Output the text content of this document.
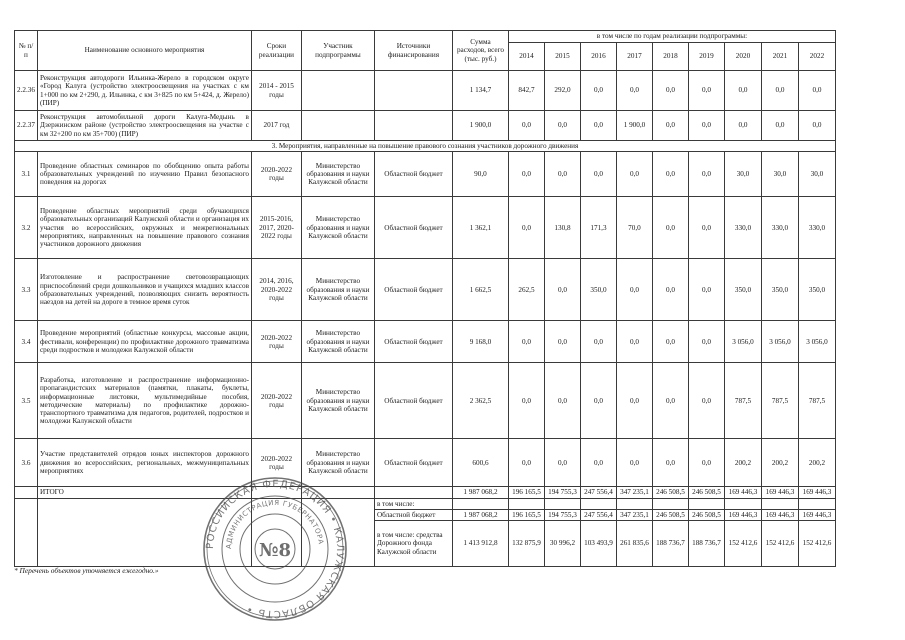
№ п/п	Наименование основного мероприятия	Сроки реализации	Участник подпрограммы	Источники финансирования	Сумма расходов, всего (тыс. руб.)	в том числе по годам реализации подпрограммы:								
						2014	2015	2016	2017	2018	2019	2020	2021	2022
2.2.36	Реконструкция автодороги Ильинка-Жерело в городском округе «Город Калуга (устройство электроосвещения на участках с км 1+000 по км 2+290, д. Ильинка, с км 3+825 по км 5+424, д. Жерело) (ПИР)	2014 - 2015 годы			1 134,7	842,7	292,0	0,0	0,0	0,0	0,0	0,0	0,0	0,0
2.2.37	Реконструкция автомобильной дороги Калуга-Медынь в Дзержинском районе (устройство электроосвещения на участке с км 32+200 по км 35+700) (ПИР)	2017 год			1 900,0	0,0	0,0	0,0	1 900,0	0,0	0,0	0,0	0,0	0,0
3. Мероприятия, направленные на повышение правового сознания участников дорожного движения														
3.1	Проведение областных семинаров по обобщению опыта работы образовательных учреждений по изучению Правил безопасного поведения на дорогах	2020-2022 годы	Министерство образования и науки Калужской области	Областной бюджет	90,0	0,0	0,0	0,0	0,0	0,0	0,0	30,0	30,0	30,0
3.2	Проведение областных мероприятий среди обучающихся образовательных организаций Калужской области и организация их участия во всероссийских, окружных и межрегиональных мероприятиях, направленных на повышение правового сознания участников дорожного движения	2015-2016, 2017, 2020-2022 годы	Министерство образования и науки Калужской области	Областной бюджет	1 362,1	0,0	130,8	171,3	70,0	0,0	0,0	330,0	330,0	330,0
3.3	Изготовление и распространение световозвращающих приспособлений среди дошкольников и учащихся младших классов образовательных учреждений, позволяющих снизить вероятность наездов на детей на дороге в темное время суток	2014, 2016, 2020-2022 годы	Министерство образования и науки Калужской области	Областной бюджет	1 662,5	262,5	0,0	350,0	0,0	0,0	0,0	350,0	350,0	350,0
3.4	Проведение мероприятий (областные конкурсы, массовые акции, фестивали, конференции) по профилактике дорожного травматизма среди подростков и молодежи Калужской области	2020-2022 годы	Министерство образования и науки Калужской области	Областной бюджет	9 168,0	0,0	0,0	0,0	0,0	0,0	0,0	3 056,0	3 056,0	3 056,0
3.5	Разработка, изготовление и распространение информационно-пропагандистских материалов (памятки, плакаты, буклеты, информационные листовки, мультимедийные пособия, методические материалы) по профилактике дорожно-транспортного травматизма для педагогов, родителей, подростков и молодежи Калужской области	2020-2022 годы	Министерство образования и науки Калужской области	Областной бюджет	2 362,5	0,0	0,0	0,0	0,0	0,0	0,0	787,5	787,5	787,5
3.6	Участие представителей отрядов юных инспекторов дорожного движения во всероссийских, региональных, межмуниципальных мероприятиях	2020-2022 годы	Министерство образования и науки Калужской области	Областной бюджет	600,6	0,0	0,0	0,0	0,0	0,0	0,0	200,2	200,2	200,2
	ИТОГО				1 987 068,2	196 165,5	194 755,3	247 556,4	347 235,1	246 508,5	246 508,5	169 446,3	169 446,3	169 446,3
				в том числе:										
				Областной бюджет	1 987 068,2	196 165,5	194 755,3	247 556,4	347 235,1	246 508,5	246 508,5	169 446,3	169 446,3	169 446,3
				в том числе: средства Дорожного фонда Калужской области	1 413 912,8	132 875,9	30 996,2	103 493,9	261 835,6	188 736,7	188 736,7	152 412,6	152 412,6	152 412,6
* Перечень объектов уточняется ежегодно.»
РОССИЙСКАЯ ФЕДЕРАЦИЯ • КАЛУЖСКАЯ ОБЛАСТЬ •
АДМИНИСТРАЦИЯ ГУБЕРНАТОРА
№8
